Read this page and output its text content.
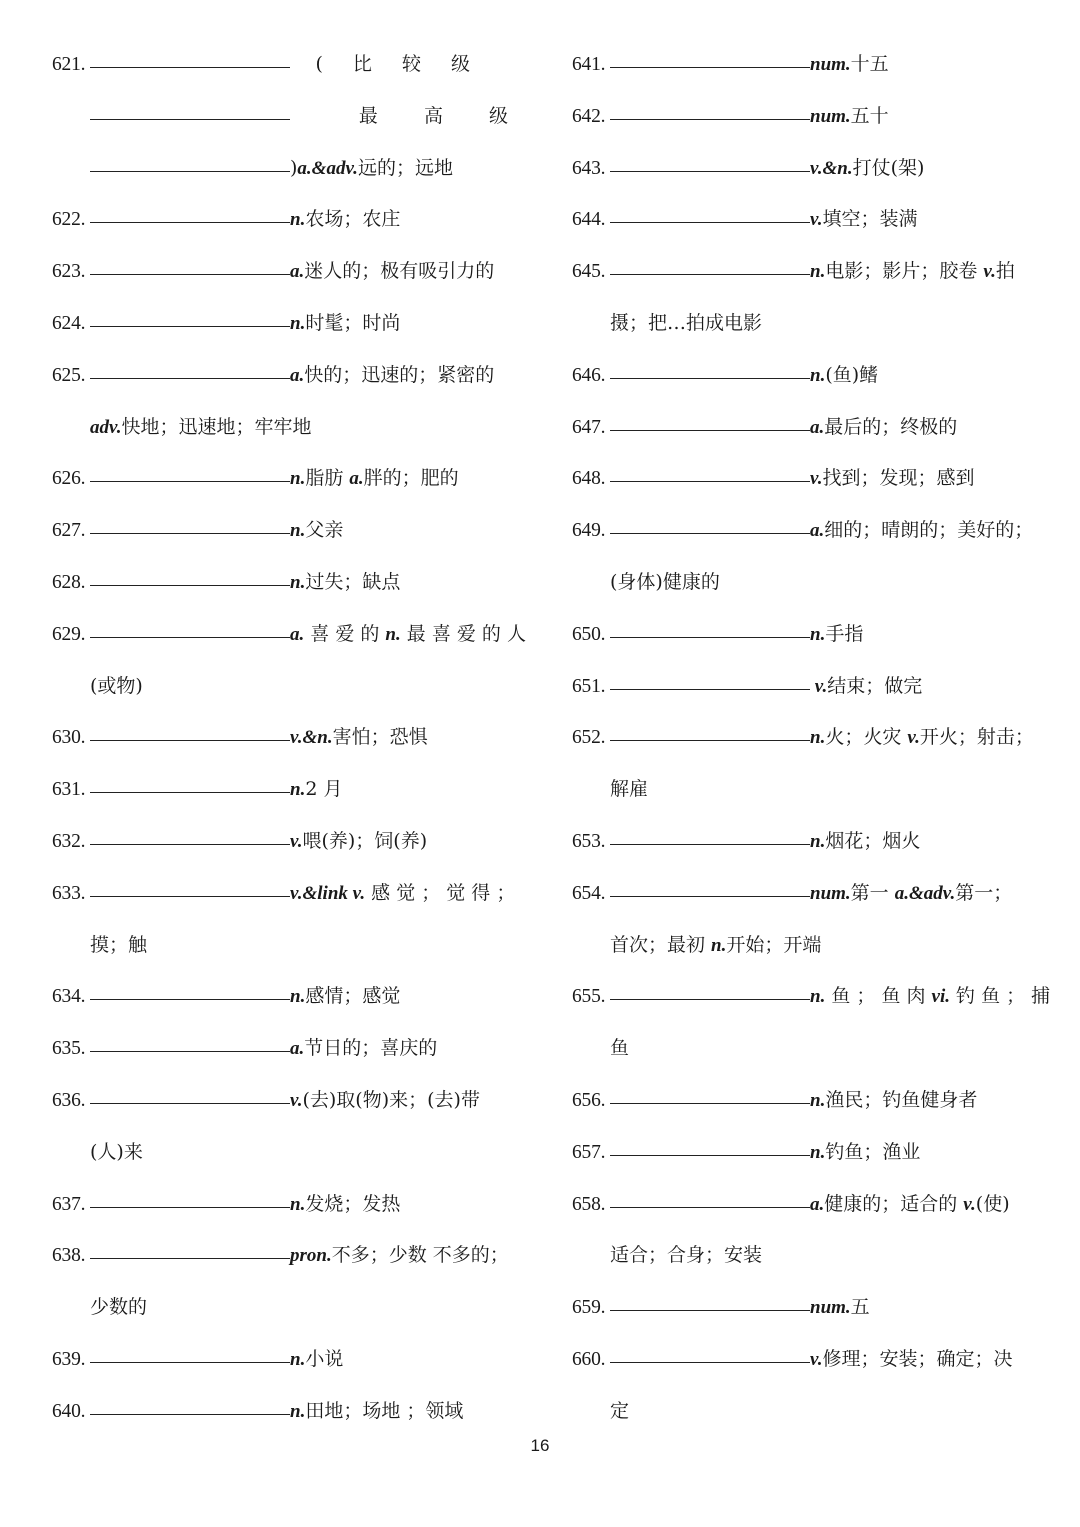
621.	( 比 较 级
最 高 级
)a.&adv.远的；远地
622.	n.农场；农庄
623.	a.迷人的；极有吸引力的
624.	n.时髦；时尚
625.	a.快的；迅速的；紧密的
adv.快地；迅速地；牢牢地
626.	n.脂肪 a.胖的；肥的
627.	n.父亲
628.	n.过失；缺点
629.	a. 喜 爱 的 n. 最 喜 爱 的 人
(或物)
630.	v.&n.害怕；恐惧
631.	n.2 月
632.	v.喂(养)；饲(养)
633.	v.&link v. 感 觉 ； 觉 得 ；
摸；触
634.	n.感情；感觉
635.	a.节日的；喜庆的
636.	v.(去)取(物)来；(去)带
(人)来
637.	n.发烧；发热
638.	pron.不多；少数 不多的；
少数的
639.	n.小说
640.	n.田地；场地 ；领域
641.	num.十五
642.	num.五十
643.	v.&n.打仗(架)
644.	v.填空；装满
645.	n.电影；影片；胶卷 v.拍
摄；把…拍成电影
646.	n.(鱼)鳍
647.	a.最后的；终极的
648.	v.找到；发现；感到
649.	a.细的；晴朗的；美好的；
(身体)健康的
650.	n.手指
651.	v.结束；做完
652.	n.火；火灾 v.开火；射击；
解雇
653.	n.烟花；烟火
654.	num.第一 a.&adv.第一；
首次；最初 n.开始；开端
655.	n. 鱼 ； 鱼 肉 vi. 钓 鱼 ； 捕
鱼
656.	n.渔民；钓鱼健身者
657.	n.钓鱼；渔业
658.	a.健康的；适合的 v.(使)
适合；合身；安装
659.	num.五
660.	v.修理；安装；确定；决
定
16
